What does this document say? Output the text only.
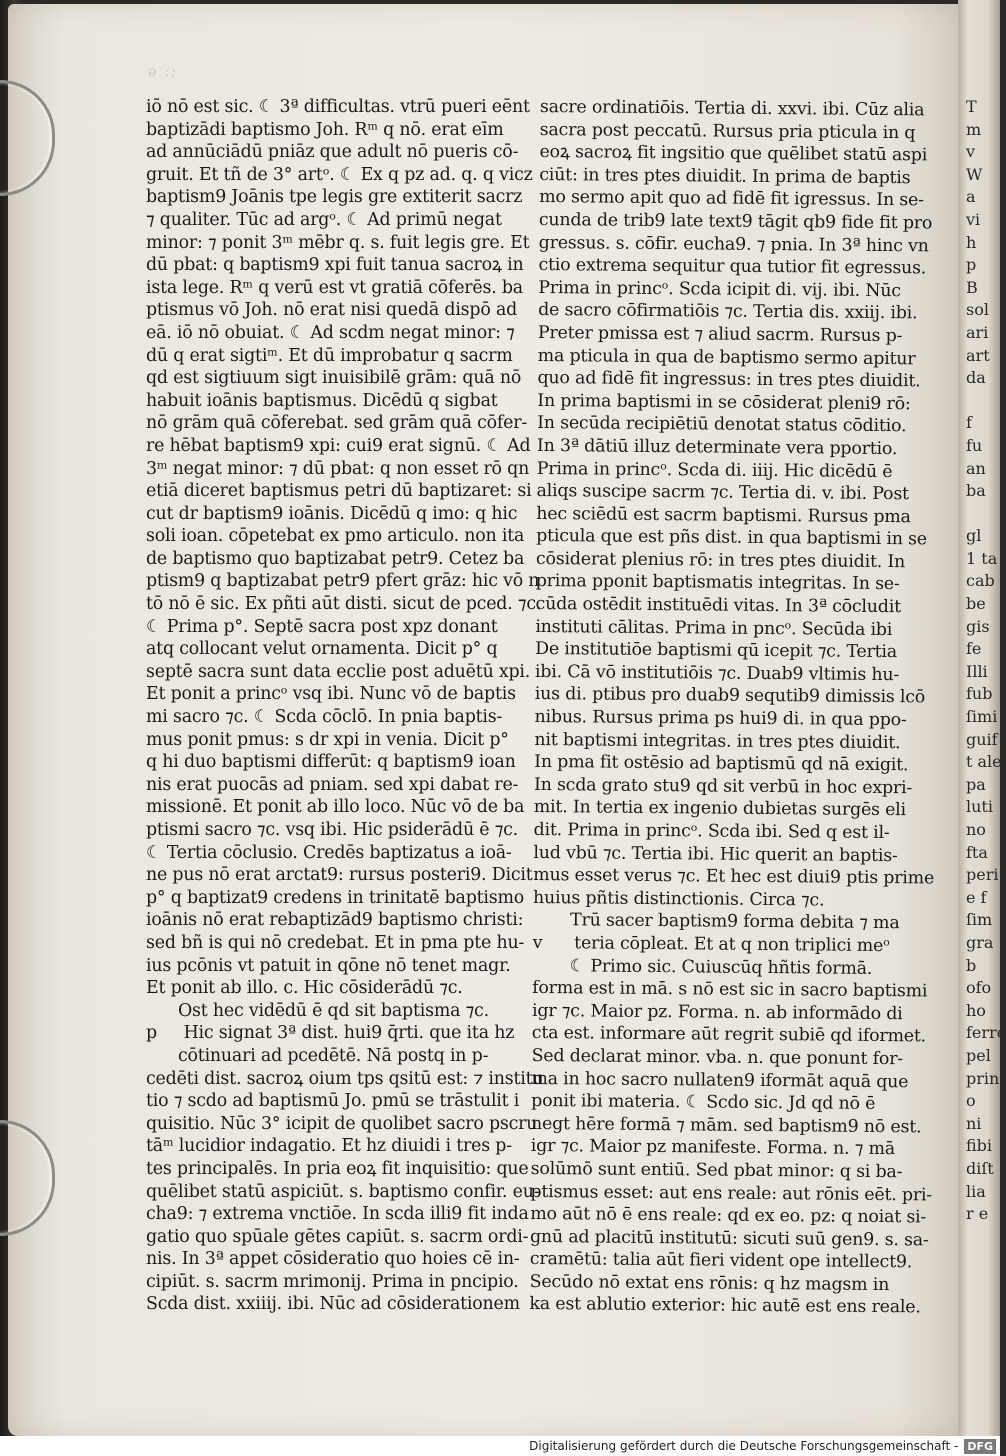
ǝ :;
iō nō est sic. ☾ 3ª difficultas. vtrū pueri eēnt
baptizādi baptismo Joh. Rᵐ q nō. erat eīm
ad annūciādū pniāz que adult nō pueris cō-
gruit. Et tñ de 3° artᵒ. ☾ Ex q pz ad. q. q vicz
baptism9 Joānis tpe legis gre extiterit sacrz
⁊ qualiter. Tūc ad argᵒ. ☾ Ad primū negat
minor: ⁊ ponit 3ᵐ mēbr q. s. fuit legis gre. Et
dū pbat: q baptism9 xpi fuit tanua sacroꝝ in
ista lege. Rᵐ q verū est vt gratiā cōferēs. ba
ptismus vō Joh. nō erat nisi quedā dispō ad
eā. iō nō obuiat. ☾ Ad scdm negat minor: ⁊
dū q erat sigtiᵐ. Et dū improbatur q sacrm
qd est sigtiuum sigt inuisibilē grām: quā nō
habuit ioānis baptismus. Dicēdū q sigbat
nō grām quā cōferebat. sed grām quā cōfer-
re hēbat baptism9 xpi: cui9 erat signū. ☾ Ad
3ᵐ negat minor: ⁊ dū pbat: q non esset rō qn
etiā diceret baptismus petri dū baptizaret: si
cut dr baptism9 ioānis. Dicēdū q imo: q hic
soli ioan. cōpetebat ex pmo articulo. non ita
de baptismo quo baptizabat petr9. Cetez ba
ptism9 q baptizabat petr9 pfert grāz: hic vō n
tō nō ē sic. Ex pñti aūt disti. sicut de pced. ⁊c.
☾ Prima p°. Septē sacra post xpz donant
atq collocant velut ornamenta. Dicit p° q
septē sacra sunt data ecclie post aduētū xpi.
Et ponit a princᵒ vsq ibi. Nunc vō de baptis
mi sacro ⁊c. ☾ Scda cōclō. In pnia baptis-
mus ponit pmus: s dr xpi in venia. Dicit p°
q hi duo baptismi differūt: q baptism9 ioan
nis erat puocās ad pniam. sed xpi dabat re-
missionē. Et ponit ab illo loco. Nūc vō de ba
ptismi sacro ⁊c. vsq ibi. Hic psiderādū ē ⁊c.
☾ Tertia cōclusio. Credēs baptizatus a ioā-
ne pus nō erat arctat9: rursus posteri9. Dicit
p° q baptizat9 credens in trinitatē baptismo
ioānis nō erat rebaptizād9 baptismo christi:
sed bñ is qui nō credebat. Et in pma pte hu-
ius pcōnis vt patuit in qōne nō tenet magr.
Et ponit ab illo. c. Hic cōsiderādū ⁊c.
Ost hec vidēdū ē qd sit baptisma ⁊c.
p     Hic signat 3ª dist. hui9 q̄rti. que ita hz
cōtinuari ad pcedētē. Nā postq in p-
cedēti dist. sacroꝝ oium tps qsitū est: ⁊ institu
tio ⁊ scdo ad baptismū Jo. pmū se trāstulit i
quisitio. Nūc 3° icipit de quolibet sacro pscru
tāᵐ lucidior indagatio. Et hz diuidi i tres p-
tes principalēs. In pria eoꝝ fit inquisitio: que
quēlibet statū aspiciūt. s. baptismo confir. eu-
cha9: ⁊ extrema vnctiōe. In scda illi9 fit inda
gatio quo spūale gētes capiūt. s. sacrm ordi-
nis. In 3ª appet cōsideratio quo hoies cē in-
cipiūt. s. sacrm mrimonij. Prima in pncipio.
Scda dist. xxiiij. ibi. Nūc ad cōsiderationem
sacre ordinatiōis. Tertia di. xxvi. ibi. Cūz alia
sacra post peccatū. Rursus pria pticula in q
eoꝝ sacroꝝ fit ingsitio que quēlibet statū aspi
ciūt: in tres ptes diuidit. In prima de baptis
mo sermo apit quo ad fidē fit igressus. In se-
cunda de trib9 late text9 tāgit qb9 fide fit pro
gressus. s. cōfir. eucha9. ⁊ pnia. In 3ª hinc vn
ctio extrema sequitur qua tutior fit egressus.
Prima in princᵒ. Scda icipit di. vij. ibi. Nūc
de sacro cōfirmatiōis ⁊c. Tertia dis. xxiij. ibi.
Preter pmissa est ⁊ aliud sacrm. Rursus p-
ma pticula in qua de baptismo sermo apitur
quo ad fidē fit ingressus: in tres ptes diuidit.
In prima baptismi in se cōsiderat pleni9 rō:
In secūda recipiētiū denotat status cōditio.
In 3ª dātiū illuz determinate vera pportio.
Prima in princᵒ. Scda di. iiij. Hic dicēdū ē
aliqs suscipe sacrm ⁊c. Tertia di. v. ibi. Post
hec sciēdū est sacrm baptismi. Rursus pma
pticula que est pñs dist. in qua baptismi in se
cōsiderat plenius rō: in tres ptes diuidit. In
prima pponit baptismatis integritas. In se-
cūda ostēdit instituēdi vitas. In 3ª cōcludit
instituti cālitas. Prima in pncᵒ. Secūda ibi
De institutiōe baptismi qū icepit ⁊c. Tertia
ibi. Cā vō institutiōis ⁊c. Duab9 vltimis hu-
ius di. ptibus pro duab9 sequtib9 dimissis lcō
nibus. Rursus prima ps hui9 di. in qua ppo-
nit baptismi integritas. in tres ptes diuidit.
In pma fit ostēsio ad baptismū qd nā exigit.
In scda grato stu9 qd sit verbū in hoc expri-
mit. In tertia ex ingenio dubietas surgēs eli
dit. Prima in princᵒ. Scda ibi. Sed q est il-
lud vbū ⁊c. Tertia ibi. Hic querit an baptis-
mus esset verus ⁊c. Et hec est diui9 ptis prime
huius pñtis distinctionis. Circa ⁊c.
Trū sacer baptism9 forma debita ⁊ ma
v      teria cōpleat. Et at q non triplici meᵒ
☾ Primo sic. Cuiuscūq hñtis formā.
forma est in mā. s nō est sic in sacro baptismi
igr ⁊c. Maior pz. Forma. n. ab informādo di
cta est. informare aūt regrit subiē qd iformet.
Sed declarat minor. vba. n. que ponunt for-
ma in hoc sacro nullaten9 iformāt aquā que
ponit ibi materia. ☾ Scdo sic. Jd qd nō ē
negt hēre formā ⁊ mām. sed baptism9 nō est.
igr ⁊c. Maior pz manifeste. Forma. n. ⁊ mā
solūmō sunt entiū. Sed pbat minor: q si ba-
ptismus esset: aut ens reale: aut rōnis eēt. pri-
mo aūt nō ē ens reale: qd ex eo. pz: q noiat si-
gnū ad placitū institutū: sicuti suū gen9. s. sa-
cramētū: talia aūt fieri vident ope intellect9.
Secūdo nō extat ens rōnis: q hz magsm in
ka est ablutio exterior: hic autē est ens reale.
T
m
v
W
a
vi
h
p
B
sol
ari
art
da
f
fu
an
ba
gl
1 ta
cab
be
gis
fe
Illi
fub
ſimi
guif
t ale
pa
luti
no
fta
peri
e f
ſim
gra
b
ofo
ho
ferre
pel
prin
o
ni
fibi
diſt
lia
r e
Digitalisierung gefördert durch die Deutsche Forschungsgemeinschaft - DFG
